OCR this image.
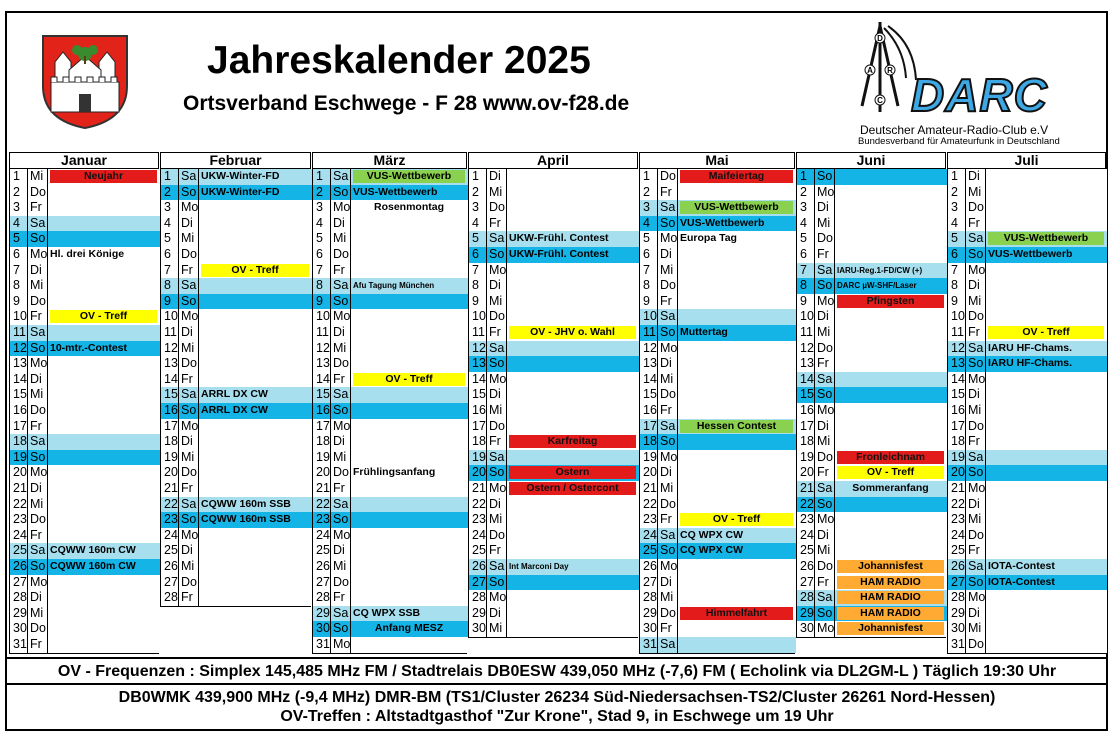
Jahreskalender 2025
Ortsverband Eschwege - F 28 www.ov-f28.de
D
A R
C DARC
Deutscher Amateur-Radio-Club e.V
Bundesverband für Amateurfunk in Deutschland
Januar
1 Mi	Neujahr
2 Do
3 Fr
4 Sa
5 So
6 Mo Hl. drei Könige
7 Di
8 Mi
9 Do
10 Fr	OV - Treff
11 Sa
12 So 10-mtr.-Contest
13 Mo
14 Di
15 Mi
16 Do
17 Fr
18 Sa
19 So
20 Mo
21 Di
22 Mi
23 Do
24 Fr
25 Sa CQWW 160m CW
26 So CQWW 160m CW
27 Mo
28 Di
29 Mi
30 Do
31 Fr
Februar
1 Sa UKW-Winter-FD
2 So UKW-Winter-FD
3 Mo
4 Di
5 Mi
6 Do
7 Fr	OV - Treff
8 Sa
9 So
10 Mo
11 Di
12 Mi
13 Do
14 Fr
15 Sa ARRL DX CW
16 So ARRL DX CW
17 Mo
18 Di
19 Mi
20 Do
21 Fr
22 Sa CQWW 160m SSB
23 So CQWW 160m SSB
24 Mo
25 Di
26 Mi
27 Do
28 Fr
März
1 Sa	VUS-Wettbewerb
2 So VUS-Wettbewerb
3 Mo	Rosenmontag
4 Di
5 Mi
6 Do
7 Fr
8 Sa Afu Tagung München
9 So
10 Mo
11 Di
12 Mi
13 Do
14 Fr	OV - Treff
15 Sa
16 So
17 Mo
18 Di
19 Mi
20 Do Frühlingsanfang
21 Fr
22 Sa
23 So
24 Mo
25 Di
26 Mi
27 Do
28 Fr
29 Sa CQ WPX SSB
30 So	Anfang MESZ
31 Mo
April
1 Di
2 Mi
3 Do
4 Fr
5 Sa UKW-Frühl. Contest
6 So UKW-Frühl. Contest
7 Mo
8 Di
9 Mi
10 Do
11 Fr	OV - JHV o. Wahl
12 Sa
13 So
14 Mo
15 Di
16 Mi
17 Do
18 Fr	Karfreitag
19 Sa
20 So	Ostern
21 Mo	Ostern / Ostercont
22 Di
23 Mi
24 Do
25 Fr
26 Sa Int Marconi Day
27 So
28 Mo
29 Di
30 Mi
Mai
1 Do	Maifeiertag
2 Fr
3 Sa	VUS-Wettbewerb
4 So VUS-Wettbewerb
5 Mo Europa Tag
6 Di
7 Mi
8 Do
9 Fr
10 Sa
11 So Muttertag
12 Mo
13 Di
14 Mi
15 Do
16 Fr
17 Sa	Hessen Contest
18 So
19 Mo
20 Di
21 Mi
22 Do
23 Fr	OV - Treff
24 Sa CQ WPX CW
25 So CQ WPX CW
26 Mo
27 Di
28 Mi
29 Do	Himmelfahrt
30 Fr
31 Sa
Juni
1 So
2 Mo
3 Di
4 Mi
5 Do
6 Fr
7 Sa IARU-Reg.1-FD/CW (+)
8 So DARC µW-SHF/Laser
9 Mo	Pfingsten
10 Di
11 Mi
12 Do
13 Fr
14 Sa
15 So
16 Mo
17 Di
18 Mi
19 Do	Fronleichnam
20 Fr	OV - Treff
21 Sa	Sommeranfang
22 So
23 Mo
24 Di
25 Mi
26 Do	Johannisfest
27 Fr	HAM RADIO
28 Sa	HAM RADIO
29 So	HAM RADIO
30 Mo	Johannisfest
Juli
1 Di
2 Mi
3 Do
4 Fr
5 Sa	VUS-Wettbewerb
6 So VUS-Wettbewerb
7 Mo
8 Di
9 Mi
10 Do
11 Fr	OV - Treff
12 Sa IARU HF-Chams.
13 So IARU HF-Chams.
14 Mo
15 Di
16 Mi
17 Do
18 Fr
19 Sa
20 So
21 Mo
22 Di
23 Mi
24 Do
25 Fr
26 Sa IOTA-Contest
27 So IOTA-Contest
28 Mo
29 Di
30 Mi
31 Do
OV - Frequenzen : Simplex 145,485 MHz FM / Stadtrelais DB0ESW 439,050 MHz (-7,6) FM ( Echolink via DL2GM-L ) Täglich 19:30 Uhr
DB0WMK 439,900 MHz (-9,4 MHz) DMR-BM (TS1/Cluster 26234 Süd-Niedersachsen-TS2/Cluster 26261 Nord-Hessen)
OV-Treffen : Altstadtgasthof "Zur Krone", Stad 9, in Eschwege um 19 Uhr
